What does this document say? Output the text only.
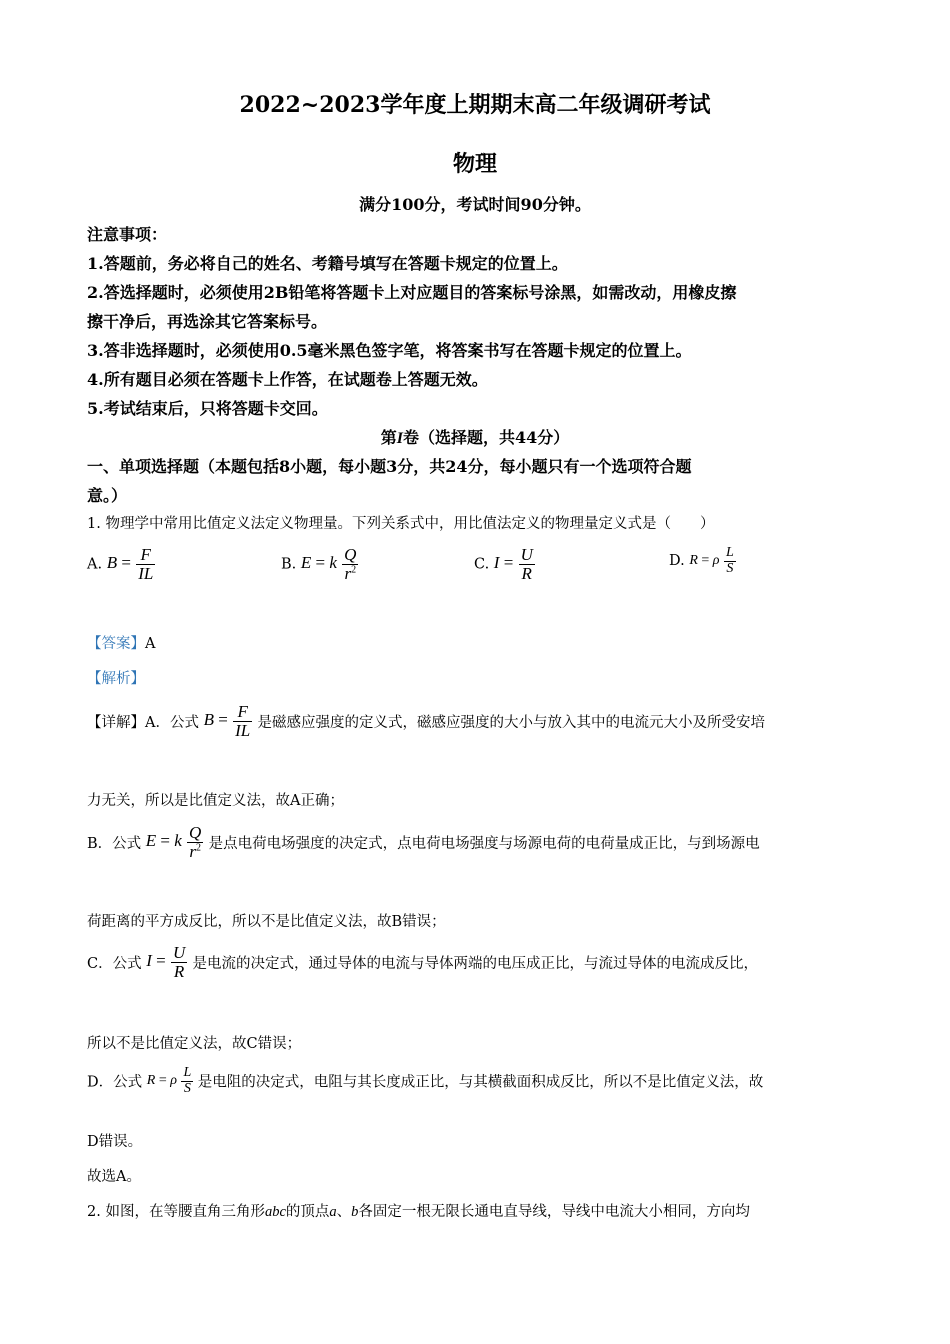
2022~2023学年度上期期末高二年级调研考试
物理
满分100分，考试时间90分钟。
注意事项：
1.答题前，务必将自己的姓名、考籍号填写在答题卡规定的位置上。
2.答选择题时，必须使用2B铅笔将答题卡上对应题目的答案标号涂黑，如需改动，用橡皮擦
擦干净后，再选涂其它答案标号。
3.答非选择题时，必须使用0.5毫米黑色签字笔，将答案书写在答题卡规定的位置上。
4.所有题目必须在答题卡上作答，在试题卷上答题无效。
5.考试结束后，只将答题卡交回。
第I卷（选择题，共44分）
一、单项选择题（本题包括8小题，每小题3分，共24分，每小题只有一个选项符合题
意。）
1. 物理学中常用比值定义法定义物理量。下列关系式中，用比值法定义的物理量定义式是（　　）
A. $B = \frac{F}{IL}$	B. E = k $\frac{Q}{r^2}$	C. $I = \frac{U}{R}$	D. R = ρ $\frac{L}{S}$
【答案】A
【解析】
【详解】A．公式 $B = \frac{F}{IL}$ 是磁感应强度的定义式，磁感应强度的大小与放入其中的电流元大小及所受安培
力无关，所以是比值定义法，故A正确；
B．公式 E = k $\frac{Q}{r^2}$ 是点电荷电场强度的决定式，点电荷电场强度与场源电荷的电荷量成正比，与到场源电
荷距离的平方成反比，所以不是比值定义法，故B错误；
C．公式 $I = \frac{U}{R}$ 是电流的决定式，通过导体的电流与导体两端的电压成正比，与流过导体的电流成反比，
所以不是比值定义法，故C错误；
D．公式 R = ρ $\frac{L}{S}$ 是电阻的决定式，电阻与其长度成正比，与其横截面积成反比，所以不是比值定义法，故
D错误。
故选A。
2. 如图，在等腰直角三角形abc的顶点a、b各固定一根无限长通电直导线，导线中电流大小相同，方向均
